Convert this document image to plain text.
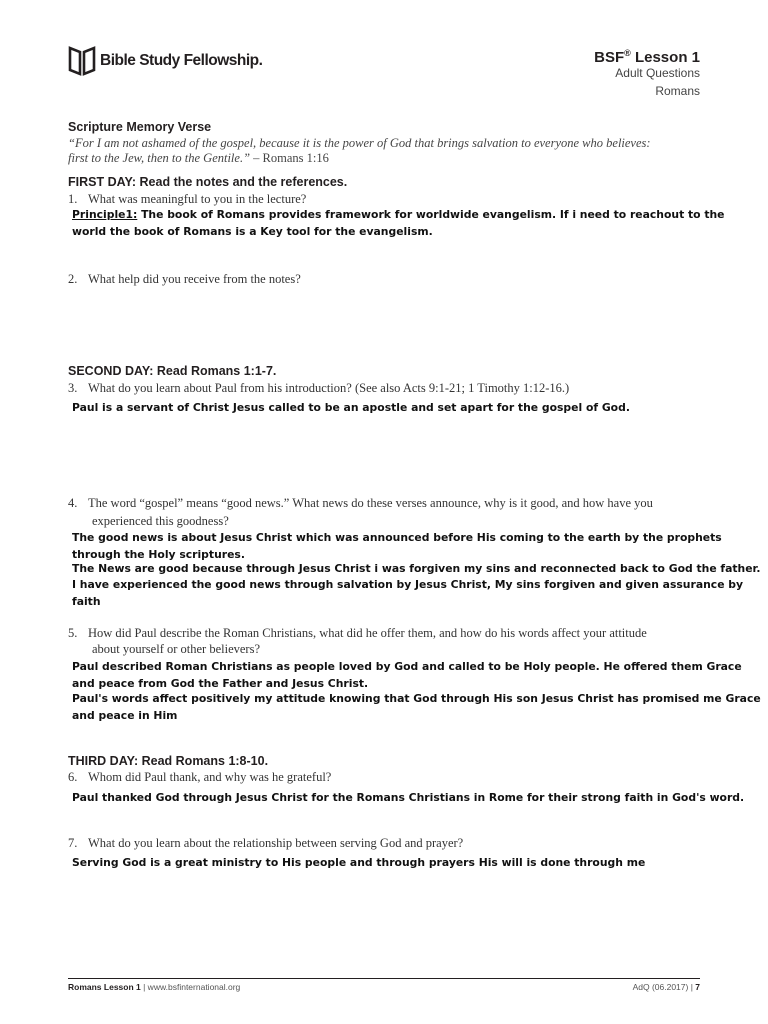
Bible Study Fellowship.	BSF® Lesson 1
Adult Questions
Romans
Scripture Memory Verse
“For I am not ashamed of the gospel, because it is the power of God that brings salvation to everyone who believes:
first to the Jew, then to the Gentile.” – Romans 1:16
FIRST DAY: Read the notes and the references.
1. What was meaningful to you in the lecture?
Principle1: The book of Romans provides framework for worldwide evangelism. If i need to reachout to the world the book of Romans is a Key tool for the evangelism.
2. What help did you receive from the notes?
SECOND DAY: Read Romans 1:1-7.
3. What do you learn about Paul from his introduction? (See also Acts 9:1-21; 1 Timothy 1:12-16.)
Paul is a servant of Christ Jesus called to be an apostle and set apart for the gospel of God.
4. The word “gospel” means “good news.” What news do these verses announce, why is it good, and how have you
experienced this goodness?
The good news is about Jesus Christ which was announced before His coming to the earth by the prophets through the Holy scriptures.
The News are good because through Jesus Christ i was forgiven my sins and reconnected back to God the father.
I have experienced the good news through salvation by Jesus Christ, My sins forgiven and given assurance by faith
5. How did Paul describe the Roman Christians, what did he offer them, and how do his words affect your attitude
about yourself or other believers?
Paul described Roman Christians as people loved by God and called to be Holy people. He offered them Grace and peace from God the Father and Jesus Christ.
Paul's words affect positively my attitude knowing that God through His son Jesus Christ has promised me Grace and peace in Him
THIRD DAY: Read Romans 1:8-10.
6. Whom did Paul thank, and why was he grateful?
Paul thanked God through Jesus Christ for the Romans Christians in Rome for their strong faith in God's word.
7. What do you learn about the relationship between serving God and prayer?
Serving God is a great ministry to His people and through prayers His will is done through me
Romans Lesson 1 | www.bsfinternational.org	AdQ (06.2017) | 7
